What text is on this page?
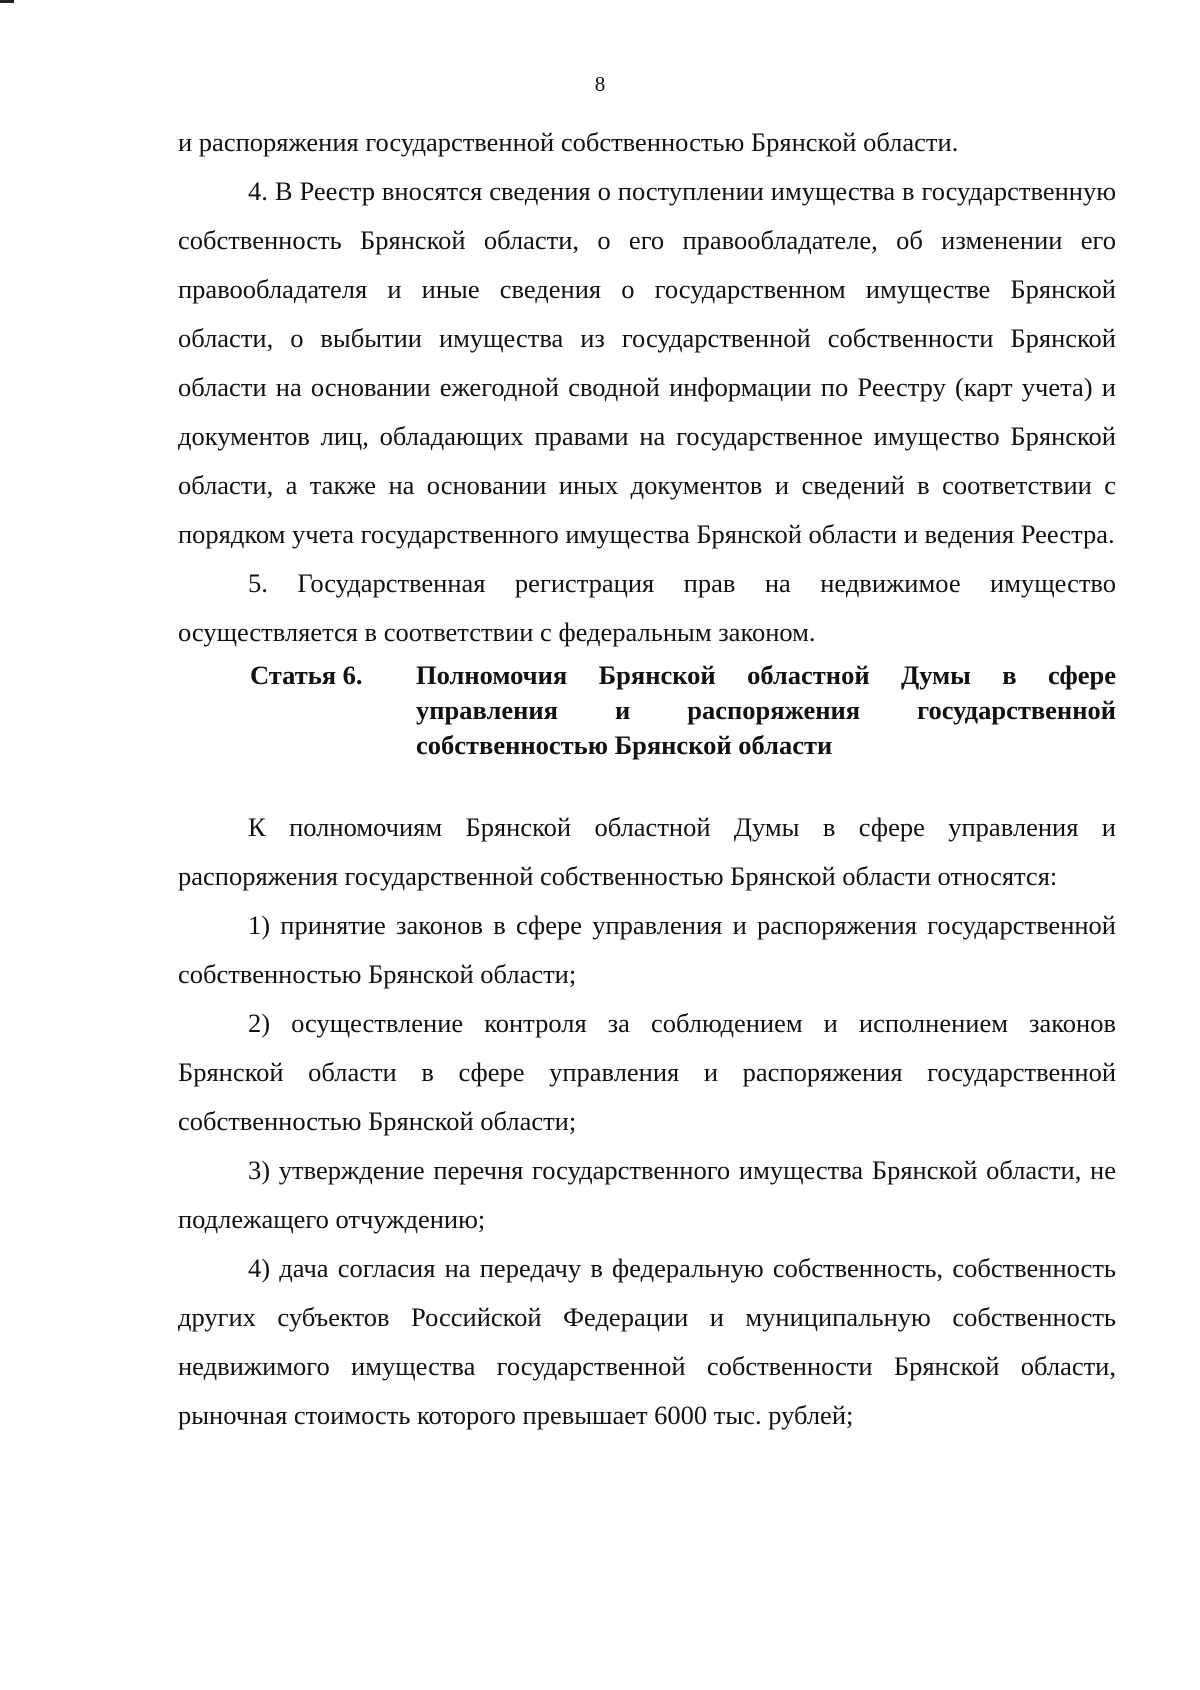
8

и распоряжения государственной собственностью Брянской области.

4. В Реестр вносятся сведения о поступлении имущества в государственную собственность Брянской области, о его правообладателе, об изменении его правообладателя и иные сведения о государственном имуществе Брянской области, о выбытии имущества из государственной собственности Брянской области на основании ежегодной сводной информации по Реестру (карт учета) и документов лиц, обладающих правами на государственное имущество Брянской области, а также на основании иных документов и сведений в соответствии с порядком учета государственного имущества Брянской области и ведения Реестра.

5. Государственная регистрация прав на недвижимое имущество осуществляется в соответствии с федеральным законом.

Статья 6.	Полномочия Брянской областной Думы в сфере управления и распоряжения государственной собственностью Брянской области

К полномочиям Брянской областной Думы в сфере управления и распоряжения государственной собственностью Брянской области относятся:

1) принятие законов в сфере управления и распоряжения государственной собственностью Брянской области;

2) осуществление контроля за соблюдением и исполнением законов Брянской области в сфере управления и распоряжения государственной собственностью Брянской области;

3) утверждение перечня государственного имущества Брянской области, не подлежащего отчуждению;

4) дача согласия на передачу в федеральную собственность, собственность других субъектов Российской Федерации и муниципальную собственность недвижимого имущества государственной собственности Брянской области, рыночная стоимость которого превышает 6000 тыс. рублей;
